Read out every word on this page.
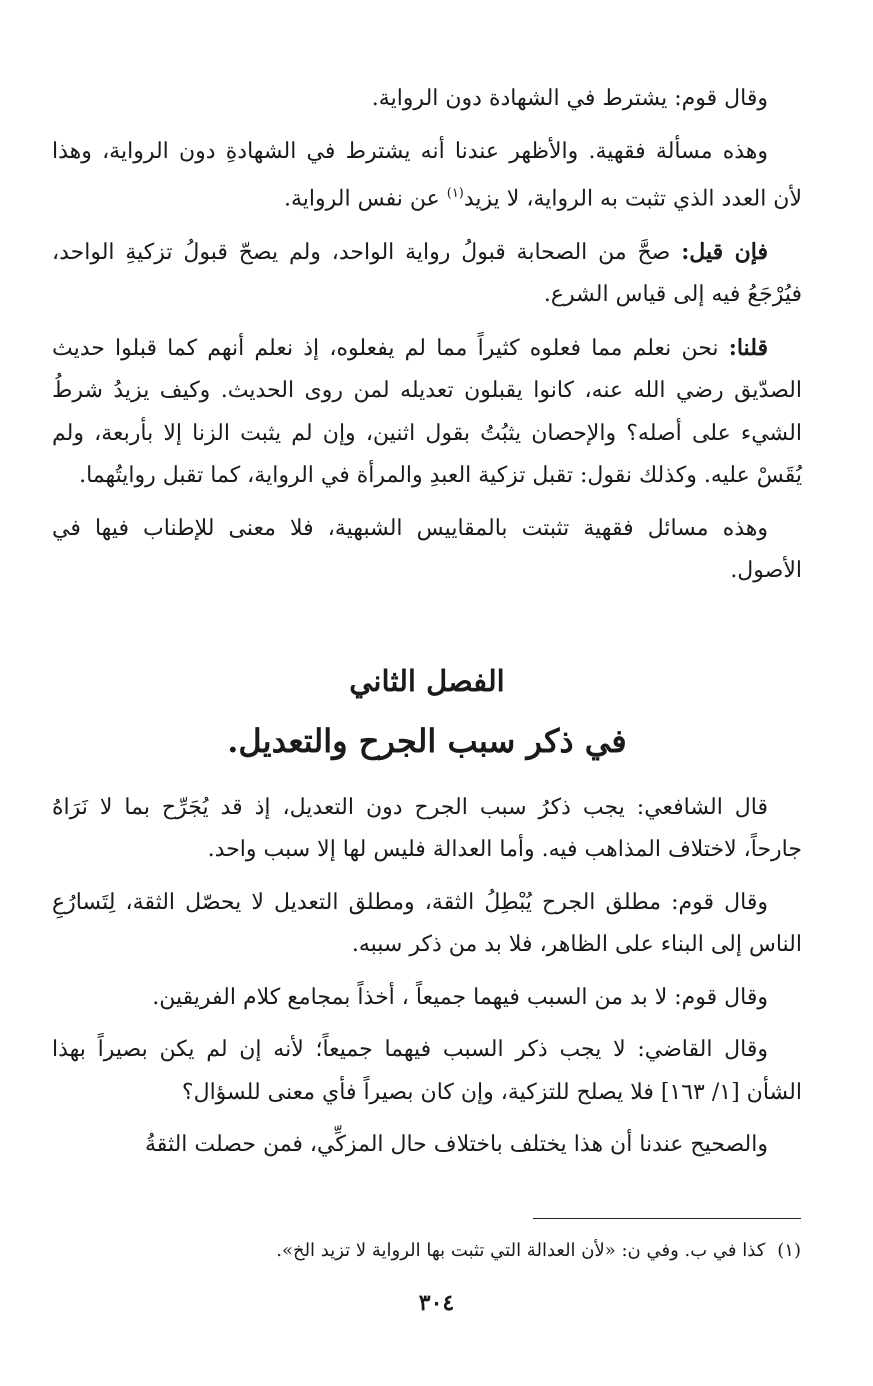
وقال قوم: يشترط في الشهادة دون الرواية.

وهذه مسألة فقهية. والأظهر عندنا أنه يشترط في الشهادةِ دون الرواية، وهذا لأن العدد الذي تثبت به الرواية، لا يزيد$^{(١)}$ عن نفس الرواية.

فإن قيل: صحَّ من الصحابة قبولُ رواية الواحد، ولم يصحّ قبولُ تزكيةِ الواحد، فيُرْجَعُ فيه إلى قياس الشرع.

قلنا: نحن نعلم مما فعلوه كثيراً مما لم يفعلوه، إذ نعلم أنهم كما قبلوا حديث الصدّيق رضي الله عنه، كانوا يقبلون تعديله لمن روى الحديث. وكيف يزيدُ شرطُ الشيء على أصله؟ والإحصان يثبُتُ بقول اثنين، وإن لم يثبت الزنا إلا بأربعة، ولم يُقَسْ عليه. وكذلك نقول: تقبل تزكية العبدِ والمرأة في الرواية، كما تقبل روايتُهما.

وهذه مسائل فقهية تثبتت بالمقاييس الشبهية، فلا معنى للإطناب فيها في الأصول.

الفصل الثاني

في ذكر سبب الجرح والتعديل.

قال الشافعي: يجب ذكرُ سبب الجرح دون التعديل، إذ قد يُجَرِّح بما لا نَرَاهُ جارحاً، لاختلاف المذاهب فيه. وأما العدالة فليس لها إلا سبب واحد.

وقال قوم: مطلق الجرح يُبْطِلُ الثقة، ومطلق التعديل لا يحصّل الثقة، لِتَسارُعِ الناس إلى البناء على الظاهر، فلا بد من ذكر سببه.

وقال قوم: لا بد من السبب فيهما جميعاً ، أخذاً بمجامع كلام الفريقين.

وقال القاضي: لا يجب ذكر السبب فيهما جميعاً؛ لأنه إن لم يكن بصيراً بهذا الشأن [١/ ١٦٣] فلا يصلح للتزكية، وإن كان بصيراً فأي معنى للسؤال؟

والصحيح عندنا أن هذا يختلف باختلاف حال المزكِّي، فمن حصلت الثقةُ

(١)كذا في ب. وفي ن: «لأن العدالة التي تثبت بها الرواية لا تزيد الخ».
٣٠٤
